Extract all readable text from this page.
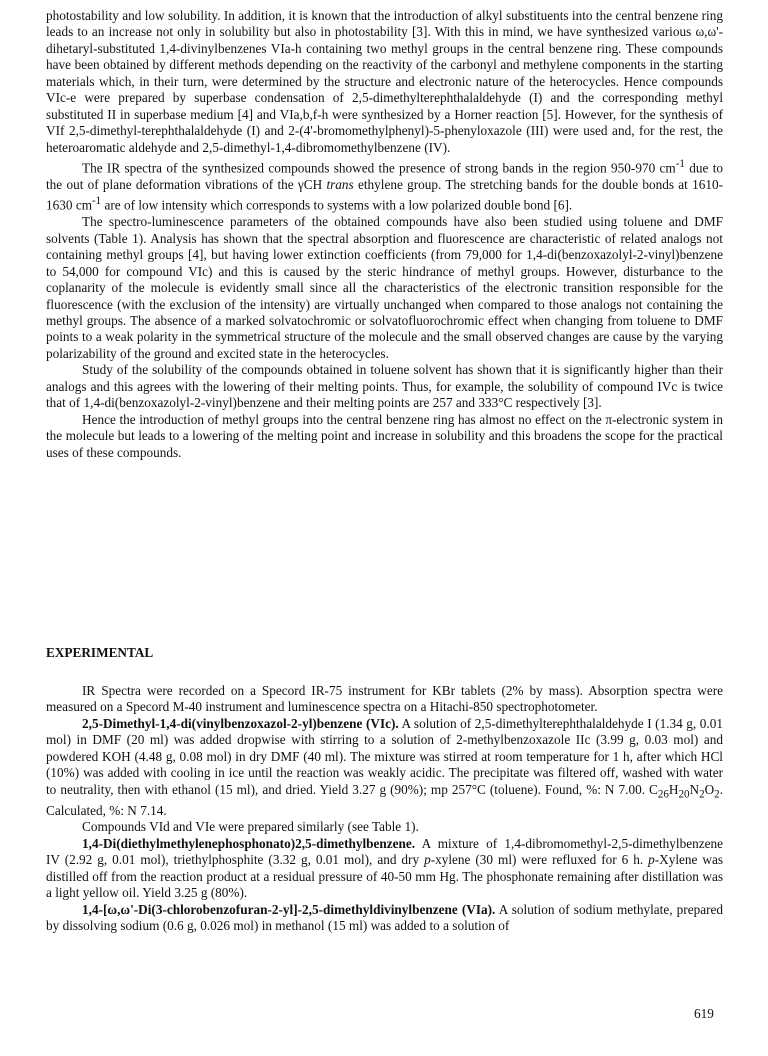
photostability and low solubility. In addition, it is known that the introduction of alkyl substituents into the central benzene ring leads to an increase not only in solubility but also in photostability [3]. With this in mind, we have synthesized various ω,ω'-dihetaryl-substituted 1,4-divinylbenzenes VIa-h containing two methyl groups in the central benzene ring. These compounds have been obtained by different methods depending on the reactivity of the carbonyl and methylene components in the starting materials which, in their turn, were determined by the structure and electronic nature of the heterocycles. Hence compounds VIc-e were prepared by superbase condensation of 2,5-dimethylterephthalaldehyde (I) and the corresponding methyl substituted II in superbase medium [4] and VIa,b,f-h were synthesized by a Horner reaction [5]. However, for the synthesis of VIf 2,5-dimethyl-terephthalaldehyde (I) and 2-(4'-bromomethylphenyl)-5-phenyloxazole (III) were used and, for the rest, the heteroaromatic aldehyde and 2,5-dimethyl-1,4-dibromomethylbenzene (IV).

The IR spectra of the synthesized compounds showed the presence of strong bands in the region 950-970 $cm^{-1}$ due to the out of plane deformation vibrations of the γCH trans ethylene group. The stretching bands for the double bonds at 1610-1630 $cm^{-1}$ are of low intensity which corresponds to systems with a low polarized double bond [6].

The spectro-luminescence parameters of the obtained compounds have also been studied using toluene and DMF solvents (Table 1). Analysis has shown that the spectral absorption and fluorescence are characteristic of related analogs not containing methyl groups [4], but having lower extinction coefficients (from 79,000 for 1,4-di(benzoxazolyl-2-vinyl)benzene to 54,000 for compound VIc) and this is caused by the steric hindrance of methyl groups. However, disturbance to the coplanarity of the molecule is evidently small since all the characteristics of the electronic transition responsible for the fluorescence (with the exclusion of the intensity) are virtually unchanged when compared to those analogs not containing the methyl groups. The absence of a marked solvatochromic or solvatofluorochromic effect when changing from toluene to DMF points to a weak polarity in the symmetrical structure of the molecule and the small observed changes are cause by the varying polarizability of the ground and excited state in the heterocycles.

Study of the solubility of the compounds obtained in toluene solvent has shown that it is significantly higher than their analogs and this agrees with the lowering of their melting points. Thus, for example, the solubility of compound IVc is twice that of 1,4-di(benzoxazolyl-2-vinyl)benzene and their melting points are 257 and 333°C respectively [3].

Hence the introduction of methyl groups into the central benzene ring has almost no effect on the π-electronic system in the molecule but leads to a lowering of the melting point and increase in solubility and this broadens the scope for the practical uses of these compounds.

EXPERIMENTAL

IR Spectra were recorded on a Specord IR-75 instrument for KBr tablets (2% by mass). Absorption spectra were measured on a Specord M-40 instrument and luminescence spectra on a Hitachi-850 spectrophotometer.

2,5-Dimethyl-1,4-di(vinylbenzoxazol-2-yl)benzene (VIc). A solution of 2,5-dimethylterephthalaldehyde I (1.34 g, 0.01 mol) in DMF (20 ml) was added dropwise with stirring to a solution of 2-methylbenzoxazole IIc (3.99 g, 0.03 mol) and powdered KOH (4.48 g, 0.08 mol) in dry DMF (40 ml). The mixture was stirred at room temperature for 1 h, after which HCl (10%) was added with cooling in ice until the reaction was weakly acidic. The precipitate was filtered off, washed with water to neutrality, then with ethanol (15 ml), and dried. Yield 3.27 g (90%); mp 257°C (toluene). Found, %: N 7.00. $C_{26}H_{20}N_2O_2$. Calculated, %: N 7.14.

Compounds VId and VIe were prepared similarly (see Table 1).

1,4-Di(diethylmethylenephosphonato)2,5-dimethylbenzene. A mixture of 1,4-dibromomethyl-2,5-dimethylbenzene IV (2.92 g, 0.01 mol), triethylphosphite (3.32 g, 0.01 mol), and dry p-xylene (30 ml) were refluxed for 6 h. p-Xylene was distilled off from the reaction product at a residual pressure of 40-50 mm Hg. The phosphonate remaining after distillation was a light yellow oil. Yield 3.25 g (80%).

1,4-[ω,ω'-Di(3-chlorobenzofuran-2-yl]-2,5-dimethyldivinylbenzene (VIa). A solution of sodium methylate, prepared by dissolving sodium (0.6 g, 0.026 mol) in methanol (15 ml) was added to a solution of

619
